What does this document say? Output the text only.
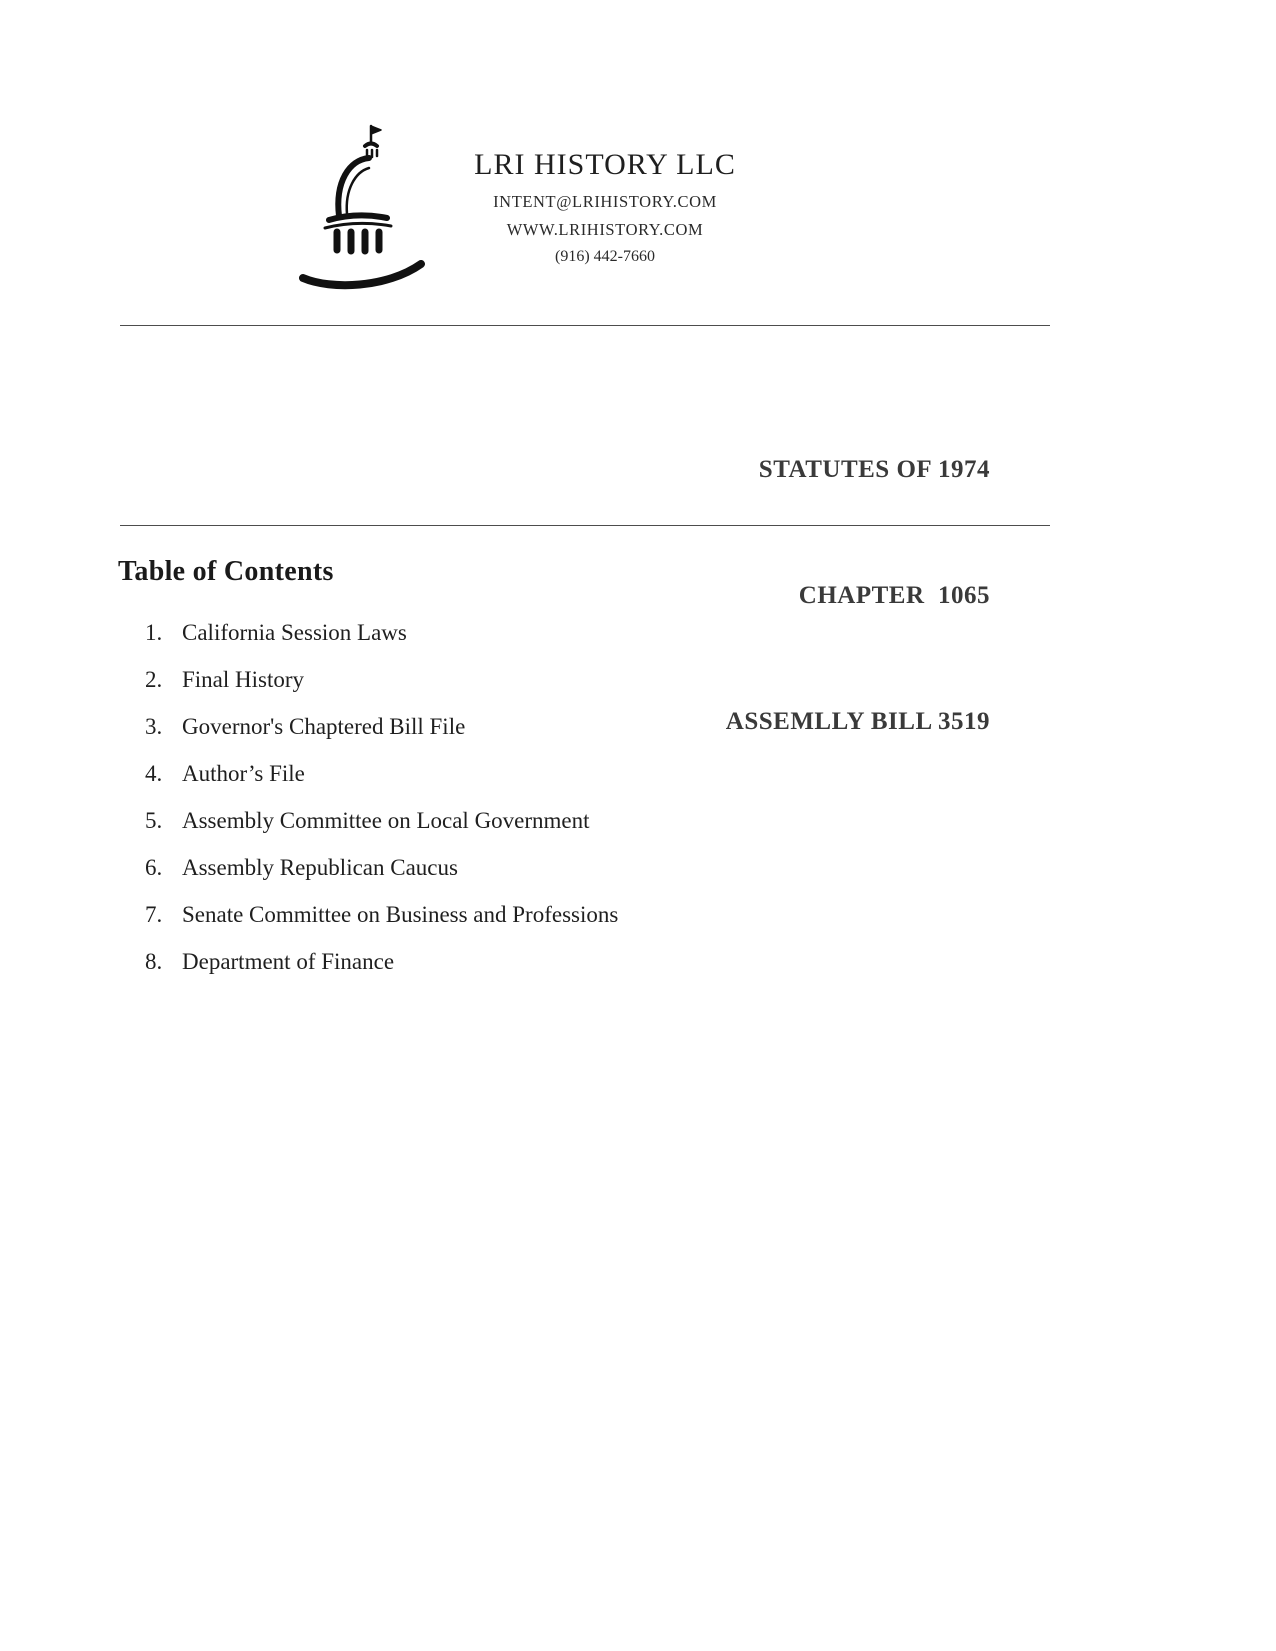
LRI HISTORY LLC
INTENT@LRIHISTORY.COM
WWW.LRIHISTORY.COM
(916) 442-7660

STATUTES OF 1974

CHAPTER  1065

ASSEMLLY BILL 3519

Table of Contents
1. California Session Laws
2. Final History
3. Governor's Chaptered Bill File
4. Author’s File
5. Assembly Committee on Local Government
6. Assembly Republican Caucus
7. Senate Committee on Business and Professions
8. Department of Finance
